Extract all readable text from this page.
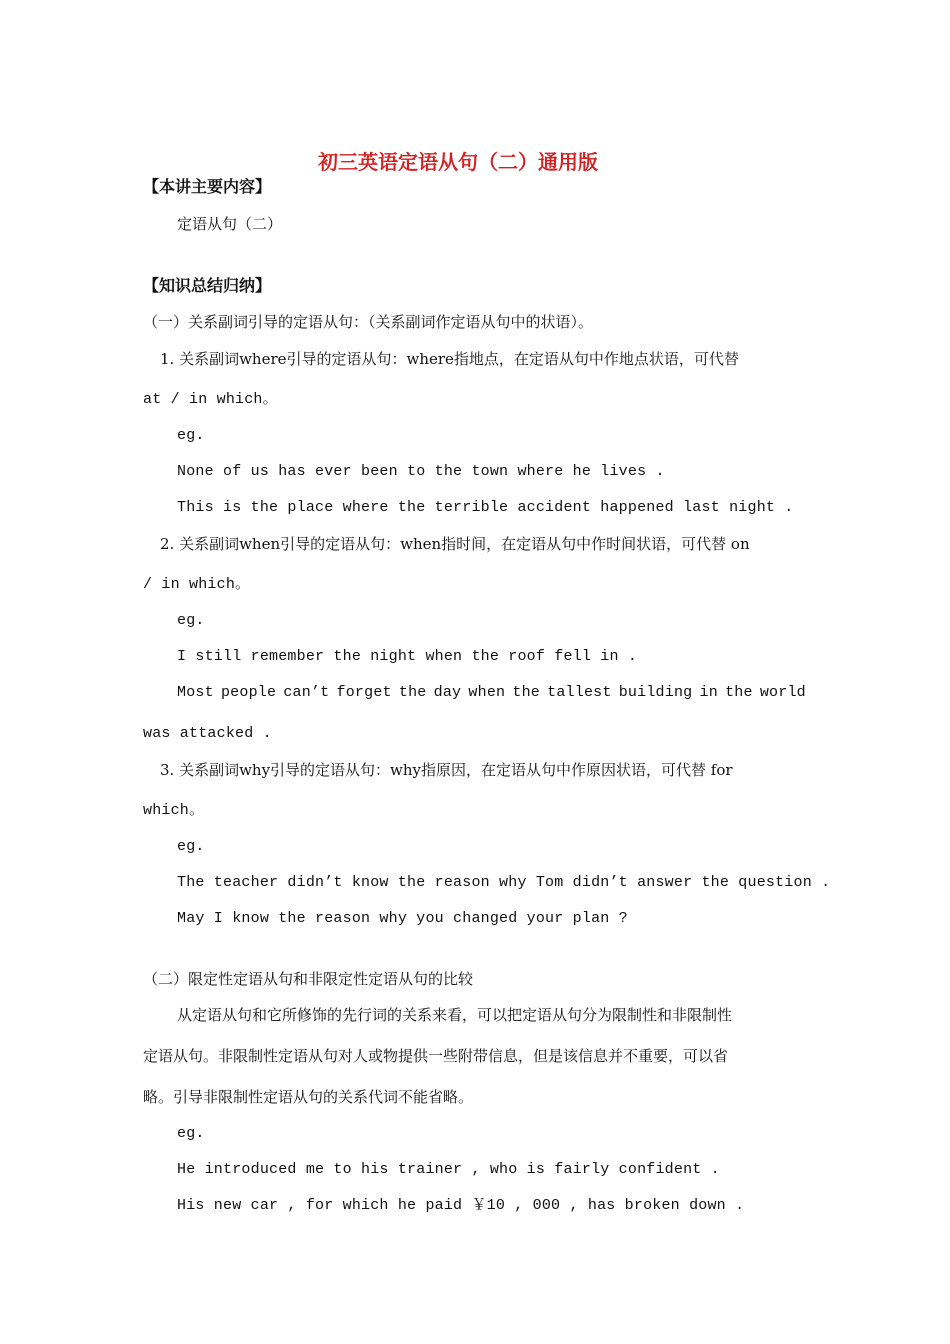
初三英语定语从句（二）通用版
【本讲主要内容】
定语从句（二）
【知识总结归纳】
（一）关系副词引导的定语从句：（关系副词作定语从句中的状语）。
1. 关系副词where引导的定语从句：where指地点，在定语从句中作地点状语，可代替
at / in which。
eg.
None of us has ever been to the town where he lives .
This is the place where the terrible accident happened last night .
2. 关系副词when引导的定语从句：when指时间，在定语从句中作时间状语，可代替 on
/ in which。
eg.
I still remember the night when the roof fell in .
Most people can’t forget the day when the tallest building in the world
was attacked .
3. 关系副词why引导的定语从句：why指原因，在定语从句中作原因状语，可代替 for
which。
eg.
The teacher didn’t know the reason why Tom didn’t answer the question .
May I know the reason why you changed your plan ?
（二）限定性定语从句和非限定性定语从句的比较
从定语从句和它所修饰的先行词的关系来看，可以把定语从句分为限制性和非限制性
定语从句。非限制性定语从句对人或物提供一些附带信息，但是该信息并不重要，可以省
略。引导非限制性定语从句的关系代词不能省略。
eg.
He introduced me to his trainer , who is fairly confident .
His new car , for which he paid ￥10 , 000 , has broken down .
